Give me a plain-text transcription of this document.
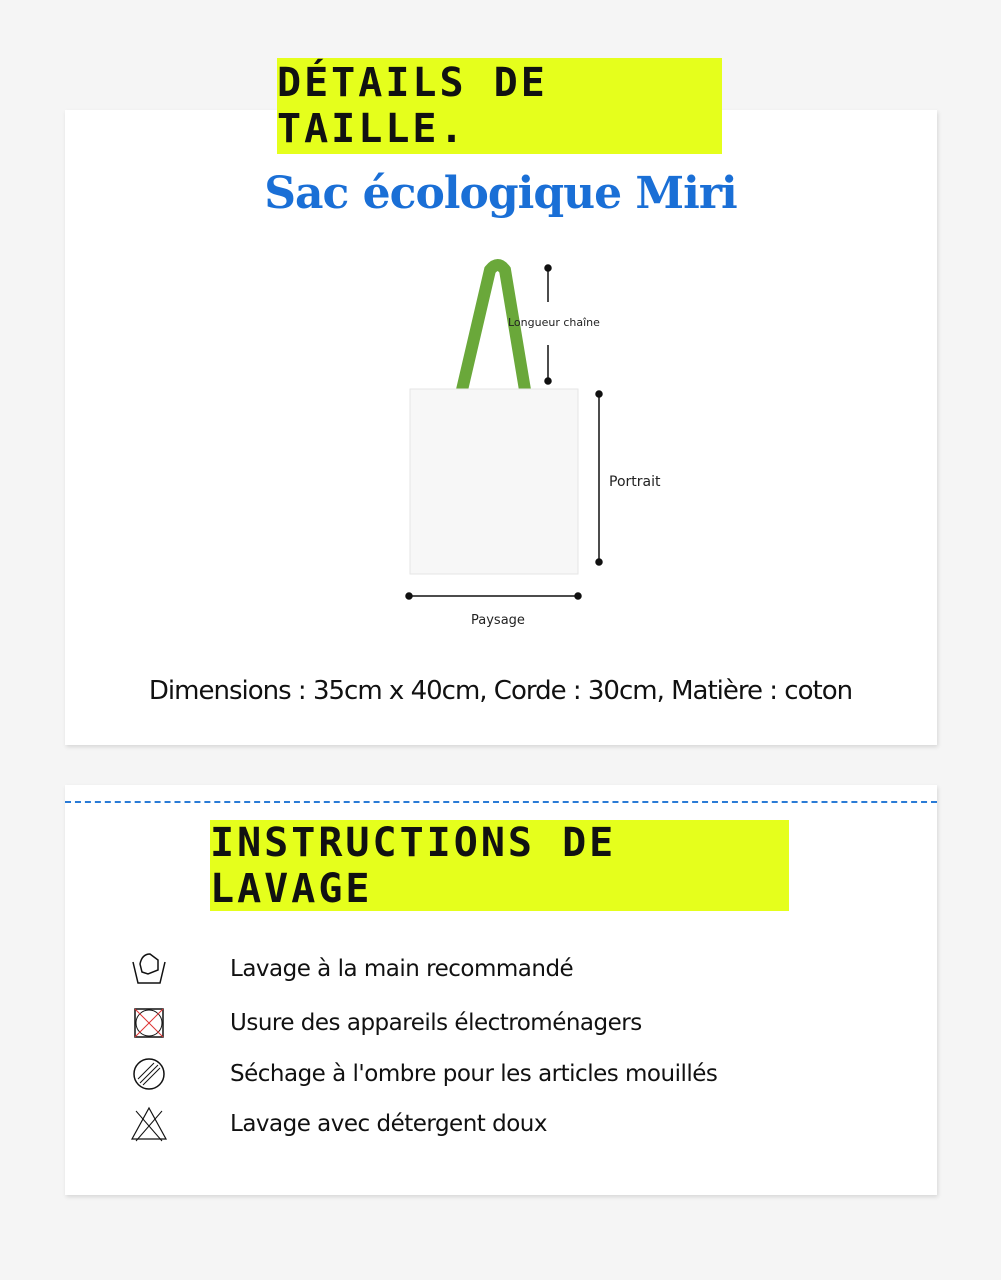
DÉTAILS DE TAILLE.
Sac écologique Miri
Longueur chaîne
Portrait
Paysage
Dimensions : 35cm x 40cm, Corde : 30cm, Matière : coton
INSTRUCTIONS DE LAVAGE
Lavage à la main recommandé
Usure des appareils électroménagers
Séchage à l'ombre pour les articles mouillés
Lavage avec détergent doux
